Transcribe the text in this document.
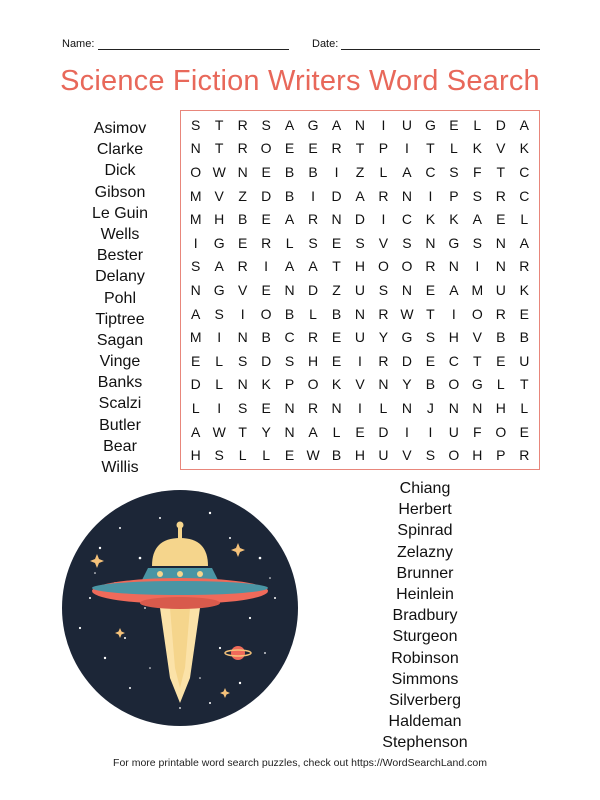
Name:	Date:
Science Fiction Writers Word Search
S	T	R S	A G A N	I	U G E	L	D A
N	T	R O E	E R	T	P	I	T	L	K	V	K
O W N E	B	B	I	Z	L	A C S	F	T	C
M V	Z	D B	I	D A R N	I	P	S R C
M H B	E	A R N D	I	C K	K	A	E	L
I	G E R	L	S	E	S	V	S N G S N A
S	A R	I	A	A	T	H O O R N	I	N R
N G V	E N D	Z	U S N E	A M U K
A	S	I	O B	L	B N R W T	I	O R E
M	I	N B C R E U Y G S H V	B	B
E	L	S D S H E	I	R D E C	T	E U
D	L	N K	P O K	V N Y	B O G	L	T
L	I	S	E N R N	I	L	N	J	N N H	L
A W T	Y N A	L	E D	I	I	U	F O E
H S	L	L	E W B H U V	S O H P R
Asimov
Clarke
Dick
Gibson
Le Guin
Wells
Bester
Delany
Pohl
Tiptree
Sagan
Vinge
Banks
Scalzi
Butler
Bear
Willis
Chiang
Herbert
Spinrad
Zelazny
Brunner
Heinlein
Bradbury
Sturgeon
Robinson
Simmons
Silverberg
Haldeman
Stephenson
For more printable word search puzzles, check out https://WordSearchLand.com
